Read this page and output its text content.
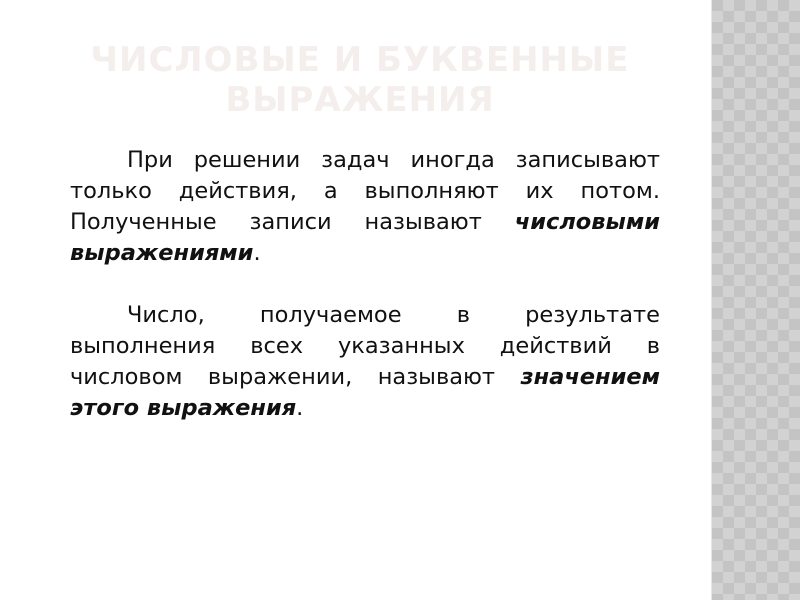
ЧИСЛОВЫЕ И БУКВЕННЫЕ
ВЫРАЖЕНИЯ

При решении задач иногда записывают только действия, а выполняют их потом. Полученные записи называют числовыми выражениями.

Число, получаемое в результате выполнения всех указанных действий в числовом выражении, называют значением этого выражения.
